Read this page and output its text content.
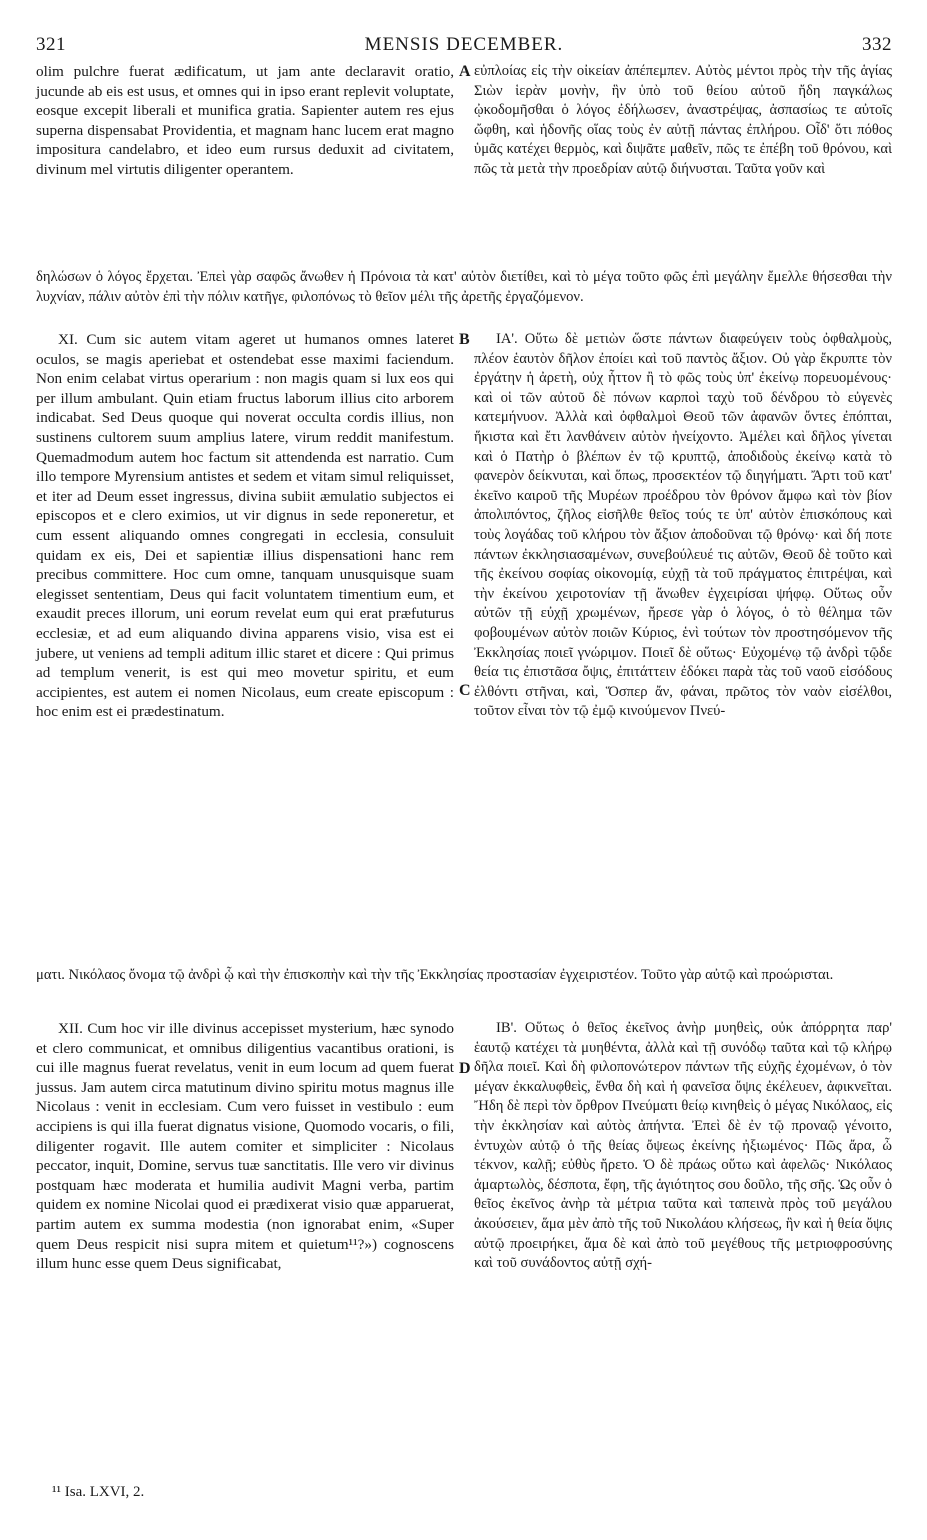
321	MENSIS DECEMBER.	332

olim pulchre fuerat ædificatum, ut jam ante declaravit oratio, jucunde ab eis est usus, et omnes qui in ipso erant replevit voluptate, eosque excepit liberali et munifica gratia. Sapienter autem res ejus superna dispensabat Providentia, et magnam hanc lucem erat magno impositura candelabro, et ideo eum rursus deduxit ad civitatem, divinum mel virtutis diligenter operantem.

A εὐπλοίας εἰς τὴν οἰκείαν ἀπέπεμπεν. Αὐτὸς μέντοι πρὸς τὴν τῆς ἁγίας Σιὼν ἱερὰν μονὴν, ἣν ὑπὸ τοῦ θείου αὐτοῦ ἤδη παγκάλως ᾠκοδομῆσθαι ὁ λόγος ἐδήλωσεν, ἀναστρέψας, ἀσπασίως τε αὐτοῖς ὤφθη, καὶ ἡδονῆς οἵας τοὺς ἐν αὐτῇ πάντας ἐπλήρου. Οἶδ' ὅτι πόθος ὑμᾶς κατέχει θερμὸς, καὶ διψᾶτε μαθεῖν, πῶς τε ἐπέβη τοῦ θρόνου, καὶ πῶς τὰ μετὰ τὴν προεδρίαν αὐτῷ διήνυσται. Ταῦτα γοῦν καὶ

δηλώσων ὁ λόγος ἔρχεται. Ἐπεὶ γὰρ σαφῶς ἄνωθεν ἡ Πρόνοια τὰ κατ' αὐτὸν διετίθει, καὶ τὸ μέγα τοῦτο φῶς ἐπὶ μεγάλην ἔμελλε θήσεσθαι τὴν λυχνίαν, πάλιν αὐτὸν ἐπὶ τὴν πόλιν κατῆγε, φιλοπόνως τὸ θεῖον μέλι τῆς ἀρετῆς ἐργαζόμενον.

XI. Cum sic autem vitam ageret ut humanos omnes lateret oculos, se magis aperiebat et ostendebat esse maximi faciendum. Non enim celabat virtus operarium : non magis quam si lux eos qui per illum ambulant. Quin etiam fructus laborum illius cito arborem indicabat. Sed Deus quoque qui noverat occulta cordis illius, non sustinens cultorem suum amplius latere, virum reddit manifestum. Quemadmodum autem hoc factum sit attendenda est narratio. Cum illo tempore Myrensium antistes et sedem et vitam simul reliquisset, et iter ad Deum esset ingressus, divina subiit æmulatio subjectos ei episcopos et e clero eximios, ut vir dignus in sede reponeretur, et cum essent aliquando omnes congregati in ecclesia, consuluit quidam ex eis, Dei et sapientiæ illius dispensationi hanc rem precibus committere. Hoc cum omne, tanquam unusquisque suam elegisset sententiam, Deus qui facit voluntatem timentium eum, et exaudit preces illorum, uni eorum revelat eum qui erat præfuturus ecclesiæ, et ad eum aliquando divina apparens visio, visa est ei jubere, ut veniens ad templi aditum illic staret et dicere : Qui primus ad templum venerit, is est qui meo movetur spiritu, et eum accipientes, est autem ei nomen Nicolaus, eum create episcopum : hoc enim est ei prædestinatum.

B
C

ΙΑ'. Οὕτω δὲ μετιὼν ὥστε πάντων διαφεύγειν τοὺς ὀφθαλμοὺς, πλέον ἑαυτὸν δῆλον ἐποίει καὶ τοῦ παντὸς ἄξιον. Οὐ γὰρ ἔκρυπτε τὸν ἐργάτην ἡ ἀρετὴ, οὐχ ἧττον ἢ τὸ φῶς τοὺς ὑπ' ἐκείνῳ πορευομένους· καὶ οἱ τῶν αὐτοῦ δὲ πόνων καρποὶ ταχὺ τοῦ δένδρου τὸ εὐγενὲς κατεμήνυον. Ἀλλὰ καὶ ὀφθαλμοὶ Θεοῦ τῶν ἀφανῶν ὄντες ἐπόπται, ἥκιστα καὶ ἔτι λανθάνειν αὐτὸν ἠνείχοντο. Ἀμέλει καὶ δῆλος γίνεται καὶ ὁ Πατὴρ ὁ βλέπων ἐν τῷ κρυπτῷ, ἀποδιδοὺς ἐκείνῳ κατὰ τὸ φανερὸν δείκνυται, καὶ ὅπως, προσεκτέον τῷ διηγήματι. Ἄρτι τοῦ κατ' ἐκεῖνο καιροῦ τῆς Μυρέων προέδρου τὸν θρόνον ἄμφω καὶ τὸν βίον ἀπολιπόντος, ζῆλος εἰσῆλθε θεῖος τούς τε ὑπ' αὐτὸν ἐπισκόπους καὶ τοὺς λογάδας τοῦ κλήρου τὸν ἄξιον ἀποδοῦναι τῷ θρόνῳ· καὶ δή ποτε πάντων ἐκκλησιασαμένων, συνεβούλευέ τις αὐτῶν, Θεοῦ δὲ τοῦτο καὶ τῆς ἐκείνου σοφίας οἰκονομίᾳ, εὐχῇ τὰ τοῦ πράγματος ἐπιτρέψαι, καὶ τὴν ἐκείνου χειροτονίαν τῇ ἄνωθεν ἐγχειρίσαι ψήφῳ. Οὕτως οὖν αὐτῶν τῇ εὐχῇ χρωμένων, ἤρεσε γὰρ ὁ λόγος, ὁ τὸ θέλημα τῶν φοβουμένων αὐτὸν ποιῶν Κύριος, ἑνὶ τούτων τὸν προστησόμενον τῆς Ἐκκλησίας ποιεῖ γνώριμον. Ποιεῖ δὲ οὕτως· Εὐχομένῳ τῷ ἀνδρὶ τῷδε θεία τις ἐπιστᾶσα ὄψις, ἐπιτάττειν ἐδόκει παρὰ τὰς τοῦ ναοῦ εἰσόδους ἐλθόντι στῆναι, καὶ, Ὅσπερ ἄν, φάναι, πρῶτος τὸν ναὸν εἰσέλθοι, τοῦτον εἶναι τὸν τῷ ἐμῷ κινούμενον Πνεύ-

ματι. Νικόλαος ὄνομα τῷ ἀνδρὶ ᾧ καὶ τὴν ἐπισκοπὴν καὶ τὴν τῆς Ἐκκλησίας προστασίαν ἐγχειριστέον. Τοῦτο γὰρ αὐτῷ καὶ προώρισται.

XII. Cum hoc vir ille divinus accepisset mysterium, hæc synodo et clero communicat, et omnibus diligentius vacantibus orationi, is cui ille magnus fuerat revelatus, venit in eum locum ad quem fuerat jussus. Jam autem circa matutinum divino spiritu motus magnus ille Nicolaus : venit in ecclesiam. Cum vero fuisset in vestibulo : eum accipiens is qui illa fuerat dignatus visione, Quomodo vocaris, o fili, diligenter rogavit. Ille autem comiter et simpliciter : Nicolaus peccator, inquit, Domine, servus tuæ sanctitatis. Ille vero vir divinus postquam hæc moderata et humilia audivit Magni verba, partim quidem ex nomine Nicolai quod ei prædixerat visio quæ apparuerat, partim autem ex summa modestia (non ignorabat enim, «Super quem Deus respicit nisi supra mitem et quietum¹¹?») cognoscens illum hunc esse quem Deus significabat,

D

ΙΒ'. Οὕτως ὁ θεῖος ἐκεῖνος ἀνὴρ μυηθεὶς, οὐκ ἀπόρρητα παρ' ἑαυτῷ κατέχει τὰ μυηθέντα, ἀλλὰ καὶ τῇ συνόδῳ ταῦτα καὶ τῷ κλήρῳ δῆλα ποιεῖ. Καὶ δὴ φιλοπονώτερον πάντων τῆς εὐχῆς ἐχομένων, ὁ τὸν μέγαν ἐκκαλυφθεὶς, ἔνθα δὴ καὶ ἡ φανεῖσα ὄψις ἐκέλευεν, ἀφικνεῖται. Ἤδη δὲ περὶ τὸν ὄρθρον Πνεύματι θείῳ κινηθεὶς ὁ μέγας Νικόλαος, εἰς τὴν ἐκκλησίαν καὶ αὐτὸς ἀπήντα. Ἐπεὶ δὲ ἐν τῷ προναῷ γένοιτο, ἐντυχὼν αὐτῷ ὁ τῆς θείας ὄψεως ἐκείνης ἠξιωμένος· Πῶς ἄρα, ὦ τέκνον, καλῇ; εὐθὺς ἤρετο. Ὁ δὲ πράως οὕτω καὶ ἀφελῶς· Νικόλαος ἁμαρτωλὸς, δέσποτα, ἔφη, τῆς ἁγιότητος σου δοῦλο, τῆς σῆς. Ὡς οὖν ὁ θεῖος ἐκεῖνος ἀνὴρ τὰ μέτρια ταῦτα καὶ ταπεινὰ πρὸς τοῦ μεγάλου ἀκούσειεν, ἅμα μὲν ἀπὸ τῆς τοῦ Νικολάου κλήσεως, ἣν καὶ ἡ θεία ὄψις αὐτῷ προειρήκει, ἅμα δὲ καὶ ἀπὸ τοῦ μεγέθους τῆς μετριοφροσύνης καὶ τοῦ συνάδοντος αὐτῇ σχή-

¹¹ Isa. LXVI, 2.
